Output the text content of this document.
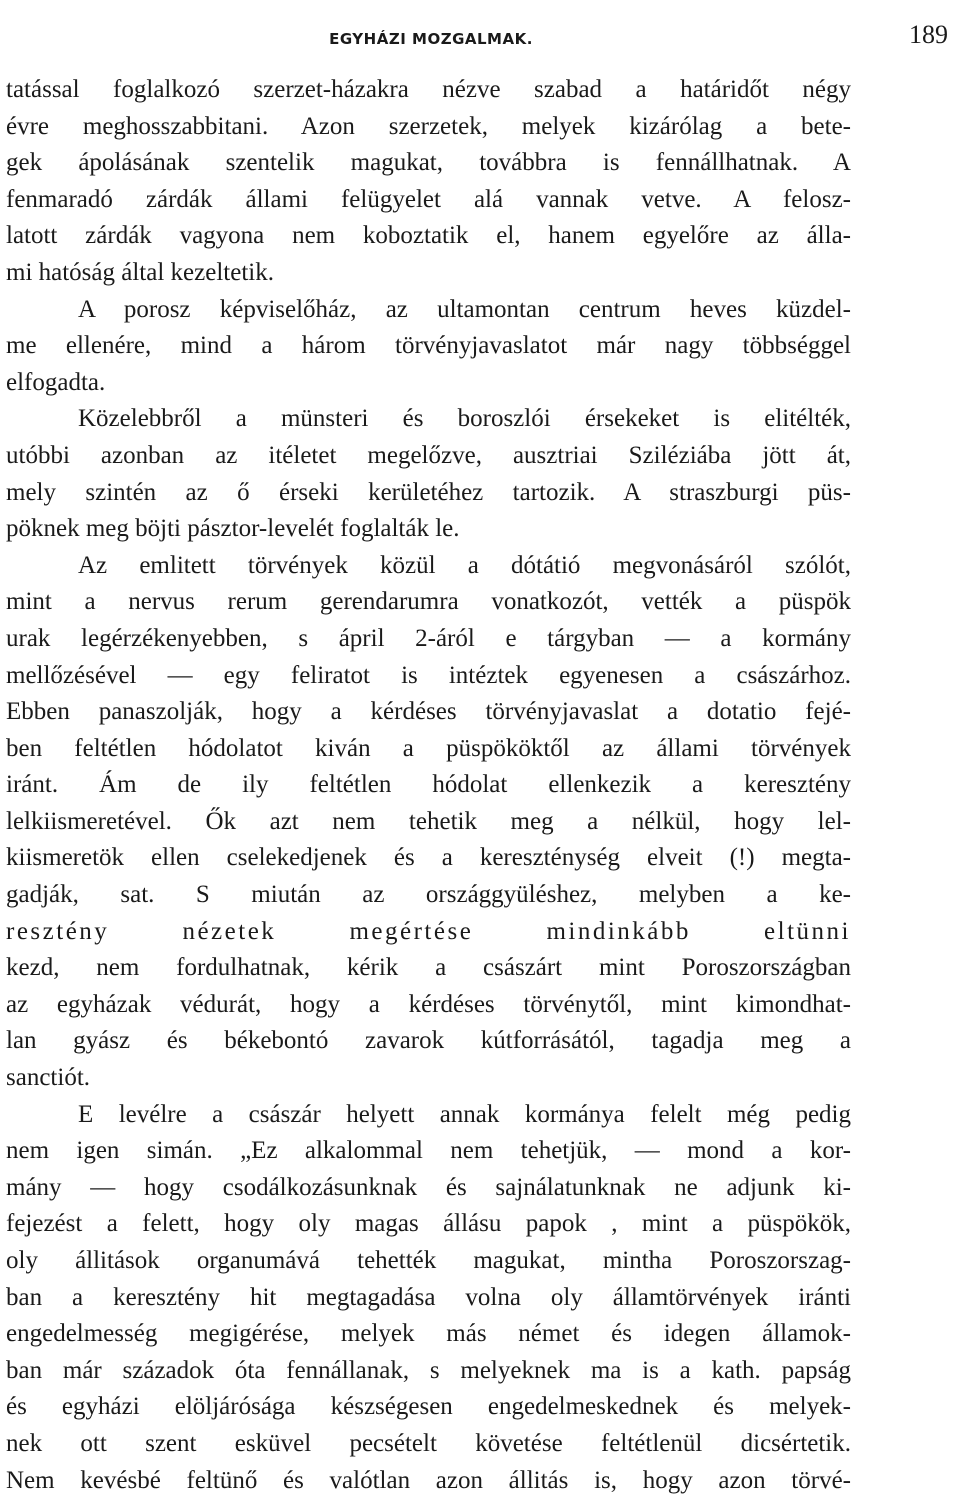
EGYHÁZI MOZGALMAK.	189
tatással foglalkozó szerzet-házakra nézve szabad a határidőt négy
évre meghosszabbitani. Azon szerzetek, melyek kizárólag a bete-
gek ápolásának szentelik magukat, továbbra is fennállhatnak. A
fenmaradó zárdák állami felügyelet alá vannak vetve. A felosz-
latott zárdák vagyona nem koboztatik el, hanem egyelőre az álla-
mi hatóság által kezeltetik.
A porosz képviselőház, az ultamontan centrum heves küzdel-
me ellenére, mind a három törvényjavaslatot már nagy többséggel
elfogadta.
Közelebbről a münsteri és boroszlói érsekeket is elitélték,
utóbbi azonban az itéletet megelőzve, ausztriai Sziléziába jött át,
mely szintén az ő érseki kerületéhez tartozik. A straszburgi püs-
pöknek meg böjti pásztor-levelét foglalták le.
Az emlitett törvények közül a dótátió megvonásáról szólót,
mint a nervus rerum gerendarumra vonatkozót, vették a püspök
urak legérzékenyebben, s ápril 2-áról e tárgyban — a kormány
mellőzésével — egy feliratot is intéztek egyenesen a császárhoz.
Ebben panaszolják, hogy a kérdéses törvényjavaslat a dotatio fejé-
ben feltétlen hódolatot kiván a püspököktől az állami törvények
iránt. Ám de ily feltétlen hódolat ellenkezik a keresztény
lelkiismeretével. Ők azt nem tehetik meg a nélkül, hogy lel-
kiismeretök ellen cselekedjenek és a kereszténység elveit (!) megta-
gadják, sat. S miután az országgyüléshez, melyben a ke-
resztény nézetek megértése mindinkább eltünni
kezd, nem fordulhatnak, kérik a császárt mint Poroszországban
az egyházak védurát, hogy a kérdéses törvénytől, mint kimondhat-
lan gyász és békebontó zavarok kútforrásától, tagadja meg a
sanctiót.
E levélre a császár helyett annak kormánya felelt még pedig
nem igen simán. „Ez alkalommal nem tehetjük, — mond a kor-
mány — hogy csodálkozásunknak és sajnálatunknak ne adjunk ki-
fejezést a felett, hogy oly magas állásu papok , mint a püspökök,
oly állitások organumává tehették magukat, mintha Poroszorszag-
ban a keresztény hit megtagadása volna oly államtörvények iránti
engedelmesség megigérése, melyek más német és idegen államok-
ban már századok óta fennállanak, s melyeknek ma is a kath. papság
és egyházi elöljárósága készségesen engedelmeskednek és melyek-
nek ott szent esküvel pecsételt követése feltétlenül dicsértetik.
Nem kevésbé feltünő és valótlan azon állitás is, hogy azon törvé-
